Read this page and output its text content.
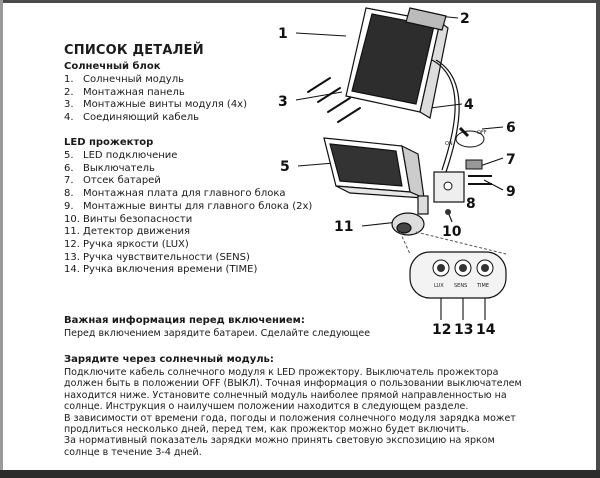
СПИСОК ДЕТАЛЕЙ
Солнечный блок
1. Солнечный модуль
2. Монтажная панель
3. Монтажные винты модуля (4x)
4. Соединяющий кабель
LED прожектор
5. LED подключение
6. Выключатель
7. Отсек батарей
8. Монтажная плата для главного блока
9. Монтажные винты для главного блока (2x)
10. Винты безопасности
11. Детектор движения
12. Ручка яркости (LUX)
13. Ручка чувствительности (SENS)
14. Ручка включения времени (TIME)
Важная информация перед включением:
Перед включением зарядите батареи. Сделайте следующее
Зарядите через солнечный модуль:
Подключите кабель солнечного модуля к LED прожектору. Выключатель прожектора
должен быть в положении OFF (ВЫКЛ). Точная информация о пользовании выключателем
находится ниже. Установите солнечный модуль наиболее прямой направленностью на
солнце. Инструкция о наилучшем положении находится в следующем разделе.
В зависимости от времени года, погоды и положения солнечного модуля зарядка может
продлиться несколько дней, перед тем, как прожектор можно будет включить.
За нормативный показатель зарядки можно принять световую экспозицию на ярком
солнце в течение 3-4 дней.
ON
OFF
LUX SENS TIME
1
2
3	4
5
6
7
8
9
10
11
12 13 14
